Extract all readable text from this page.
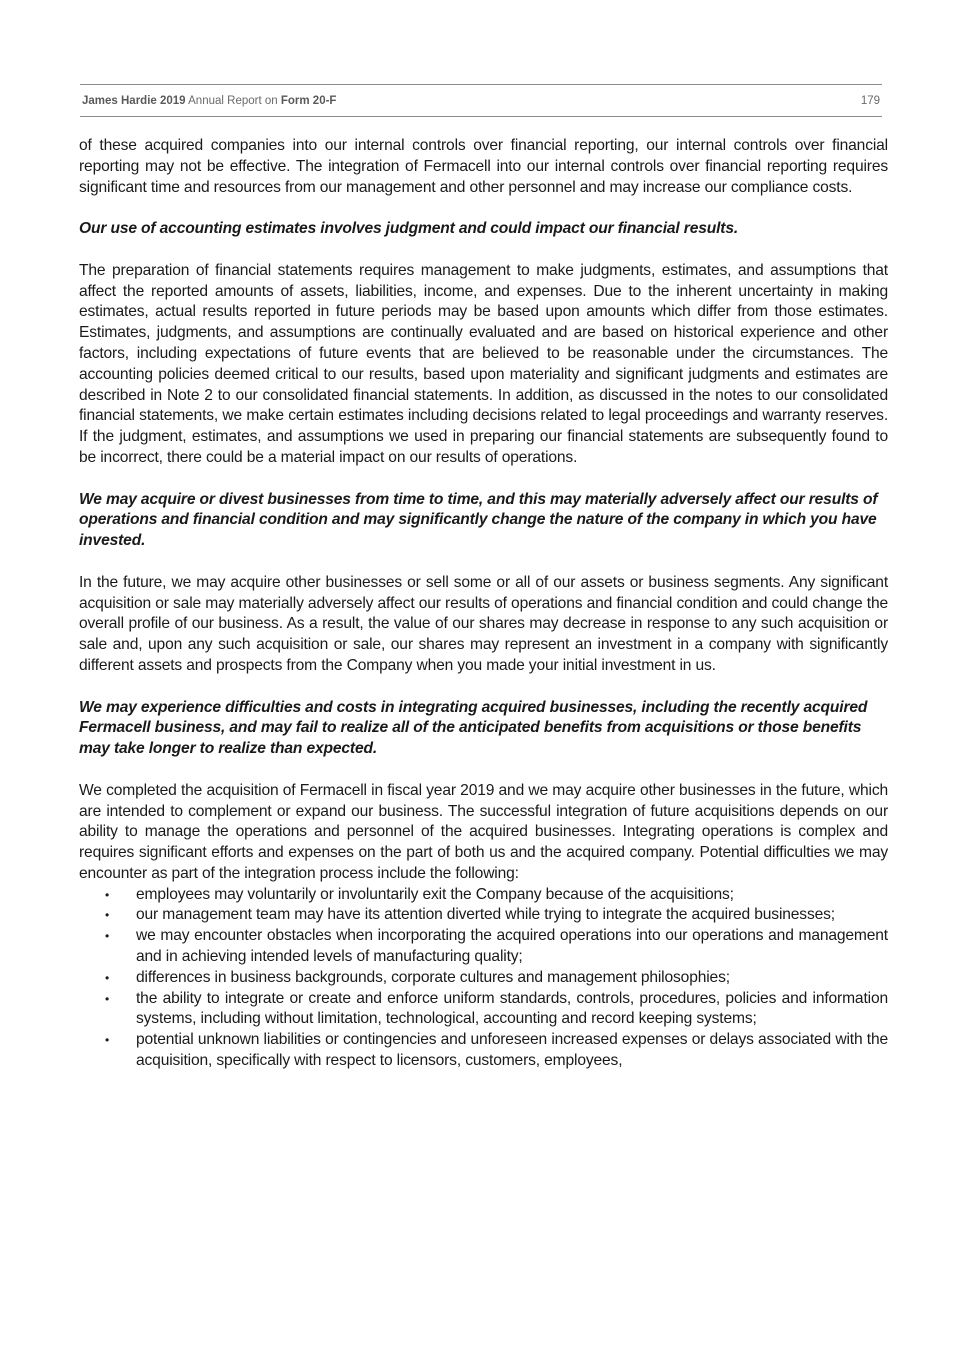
James Hardie 2019 Annual Report on Form 20-F	179

of these acquired companies into our internal controls over financial reporting, our internal controls over financial reporting may not be effective. The integration of Fermacell into our internal controls over financial reporting requires significant time and resources from our management and other personnel and may increase our compliance costs.

Our use of accounting estimates involves judgment and could impact our financial results.

The preparation of financial statements requires management to make judgments, estimates, and assumptions that affect the reported amounts of assets, liabilities, income, and expenses. Due to the inherent uncertainty in making estimates, actual results reported in future periods may be based upon amounts which differ from those estimates. Estimates, judgments, and assumptions are continually evaluated and are based on historical experience and other factors, including expectations of future events that are believed to be reasonable under the circumstances. The accounting policies deemed critical to our results, based upon materiality and significant judgments and estimates are described in Note 2 to our consolidated financial statements. In addition, as discussed in the notes to our consolidated financial statements, we make certain estimates including decisions related to legal proceedings and warranty reserves. If the judgment, estimates, and assumptions we used in preparing our financial statements are subsequently found to be incorrect, there could be a material impact on our results of operations.

We may acquire or divest businesses from time to time, and this may materially adversely affect our results of operations and financial condition and may significantly change the nature of the company in which you have invested.

In the future, we may acquire other businesses or sell some or all of our assets or business segments. Any significant acquisition or sale may materially adversely affect our results of operations and financial condition and could change the overall profile of our business. As a result, the value of our shares may decrease in response to any such acquisition or sale and, upon any such acquisition or sale, our shares may represent an investment in a company with significantly different assets and prospects from the Company when you made your initial investment in us.

We may experience difficulties and costs in integrating acquired businesses, including the recently acquired Fermacell business, and may fail to realize all of the anticipated benefits from acquisitions or those benefits may take longer to realize than expected.

We completed the acquisition of Fermacell in fiscal year 2019 and we may acquire other businesses in the future, which are intended to complement or expand our business. The successful integration of future acquisitions depends on our ability to manage the operations and personnel of the acquired businesses. Integrating operations is complex and requires significant efforts and expenses on the part of both us and the acquired company. Potential difficulties we may encounter as part of the integration process include the following:

•	employees may voluntarily or involuntarily exit the Company because of the acquisitions;
•	our management team may have its attention diverted while trying to integrate the acquired businesses;
•	we may encounter obstacles when incorporating the acquired operations into our operations and management and in achieving intended levels of manufacturing quality;
•	differences in business backgrounds, corporate cultures and management philosophies;
•	the ability to integrate or create and enforce uniform standards, controls, procedures, policies and information systems, including without limitation, technological, accounting and record keeping systems;
•	potential unknown liabilities or contingencies and unforeseen increased expenses or delays associated with the acquisition, specifically with respect to licensors, customers, employees,
